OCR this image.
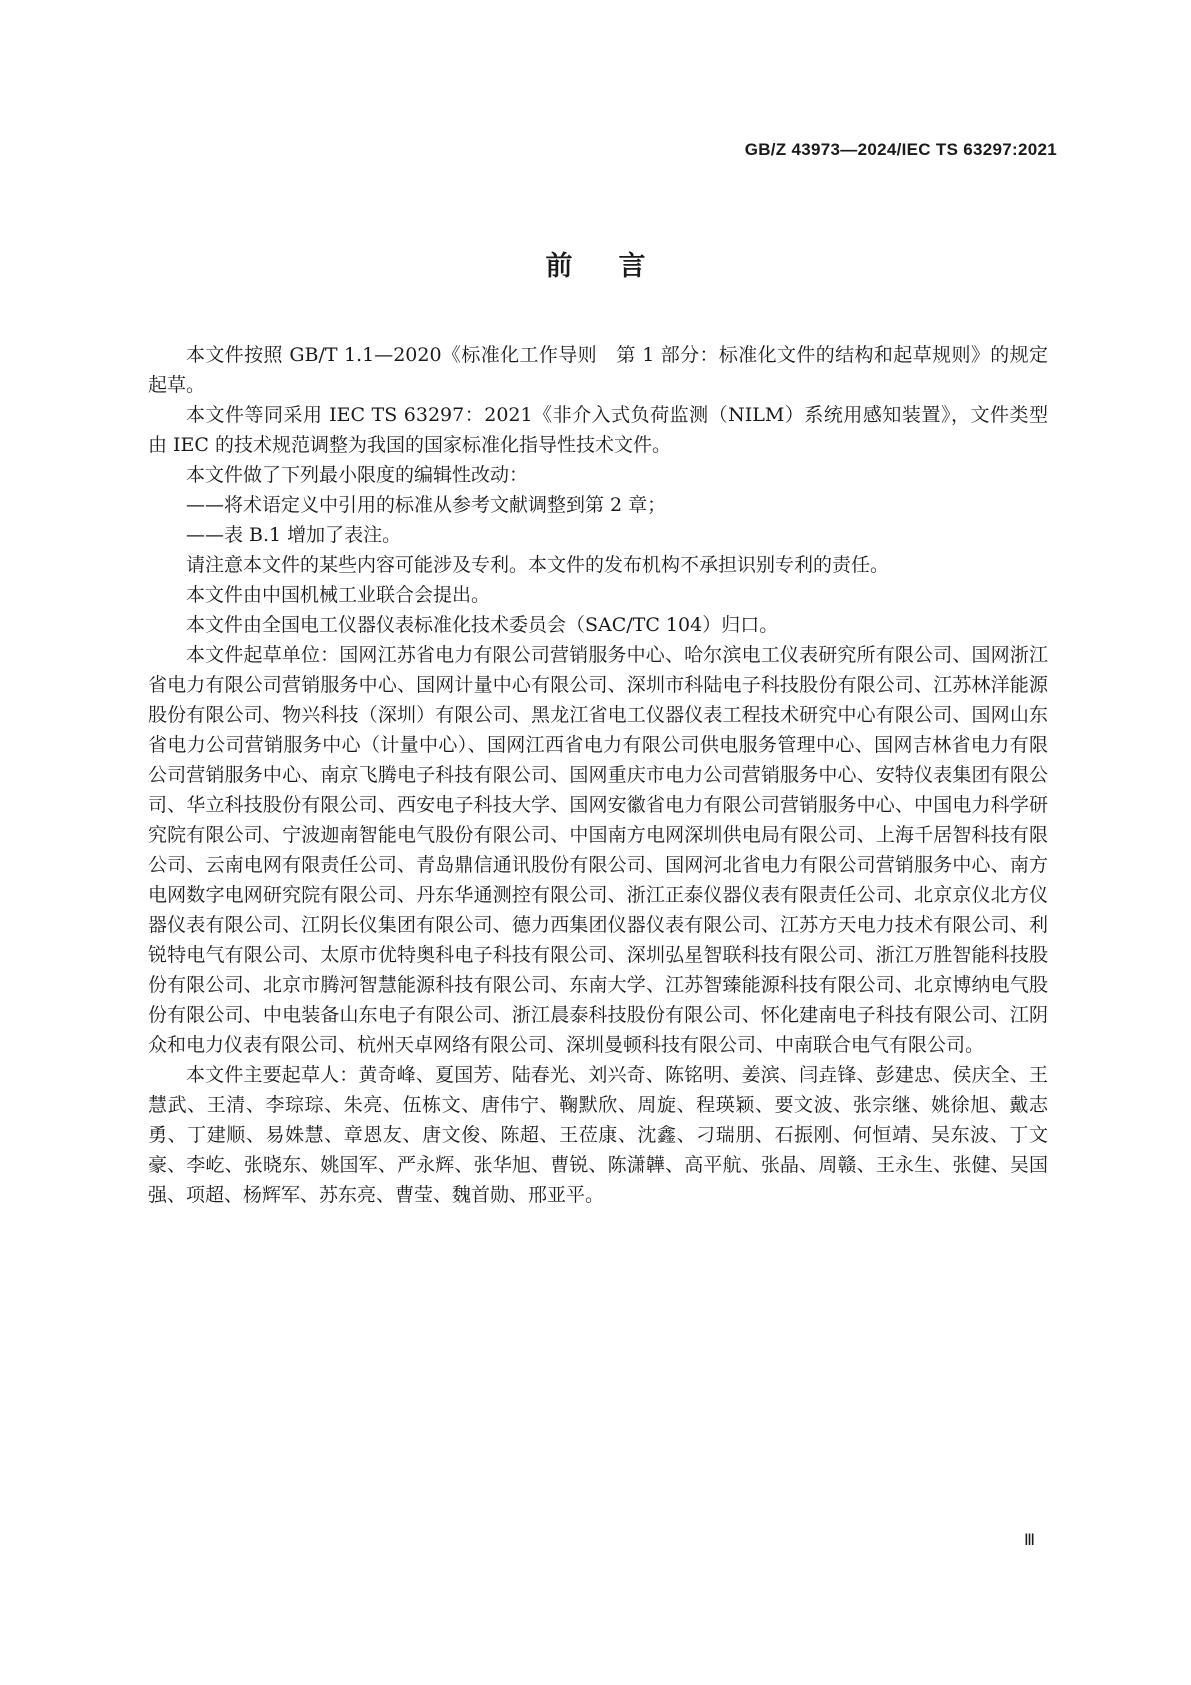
GB/Z 43973—2024/IEC TS 63297:2021
前言

本文件按照 GB/T 1.1—2020《标准化工作导则　第 1 部分：标准化文件的结构和起草规则》的规定起草。

本文件等同采用 IEC TS 63297：2021《非介入式负荷监测（NILM）系统用感知装置》，文件类型由 IEC 的技术规范调整为我国的国家标准化指导性技术文件。

本文件做了下列最小限度的编辑性改动：

——将术语定义中引用的标准从参考文献调整到第 2 章；

——表 B.1 增加了表注。

请注意本文件的某些内容可能涉及专利。本文件的发布机构不承担识别专利的责任。

本文件由中国机械工业联合会提出。

本文件由全国电工仪器仪表标准化技术委员会（SAC/TC 104）归口。

本文件起草单位：国网江苏省电力有限公司营销服务中心、哈尔滨电工仪表研究所有限公司、国网浙江省电力有限公司营销服务中心、国网计量中心有限公司、深圳市科陆电子科技股份有限公司、江苏林洋能源股份有限公司、物兴科技（深圳）有限公司、黑龙江省电工仪器仪表工程技术研究中心有限公司、国网山东省电力公司营销服务中心（计量中心）、国网江西省电力有限公司供电服务管理中心、国网吉林省电力有限公司营销服务中心、南京飞腾电子科技有限公司、国网重庆市电力公司营销服务中心、安特仪表集团有限公司、华立科技股份有限公司、西安电子科技大学、国网安徽省电力有限公司营销服务中心、中国电力科学研究院有限公司、宁波迦南智能电气股份有限公司、中国南方电网深圳供电局有限公司、上海千居智科技有限公司、云南电网有限责任公司、青岛鼎信通讯股份有限公司、国网河北省电力有限公司营销服务中心、南方电网数字电网研究院有限公司、丹东华通测控有限公司、浙江正泰仪器仪表有限责任公司、北京京仪北方仪器仪表有限公司、江阴长仪集团有限公司、德力西集团仪器仪表有限公司、江苏方天电力技术有限公司、利锐特电气有限公司、太原市优特奥科电子科技有限公司、深圳弘星智联科技有限公司、浙江万胜智能科技股份有限公司、北京市腾河智慧能源科技有限公司、东南大学、江苏智臻能源科技有限公司、北京博纳电气股份有限公司、中电装备山东电子有限公司、浙江晨泰科技股份有限公司、怀化建南电子科技有限公司、江阴众和电力仪表有限公司、杭州天卓网络有限公司、深圳曼顿科技有限公司、中南联合电气有限公司。

本文件主要起草人：黄奇峰、夏国芳、陆春光、刘兴奇、陈铭明、姜滨、闫垚锋、彭建忠、侯庆全、王慧武、王清、李琮琮、朱亮、伍栋文、唐伟宁、鞠默欣、周旋、程瑛颖、要文波、张宗继、姚徐旭、戴志勇、丁建顺、易姝慧、章恩友、唐文俊、陈超、王莅康、沈鑫、刁瑞朋、石振刚、何恒靖、吴东波、丁文豪、李屹、张晓东、姚国军、严永辉、张华旭、曹锐、陈潇韡、高平航、张晶、周赣、王永生、张健、吴国强、项超、杨辉军、苏东亮、曹莹、魏首勋、邢亚平。

Ⅲ
